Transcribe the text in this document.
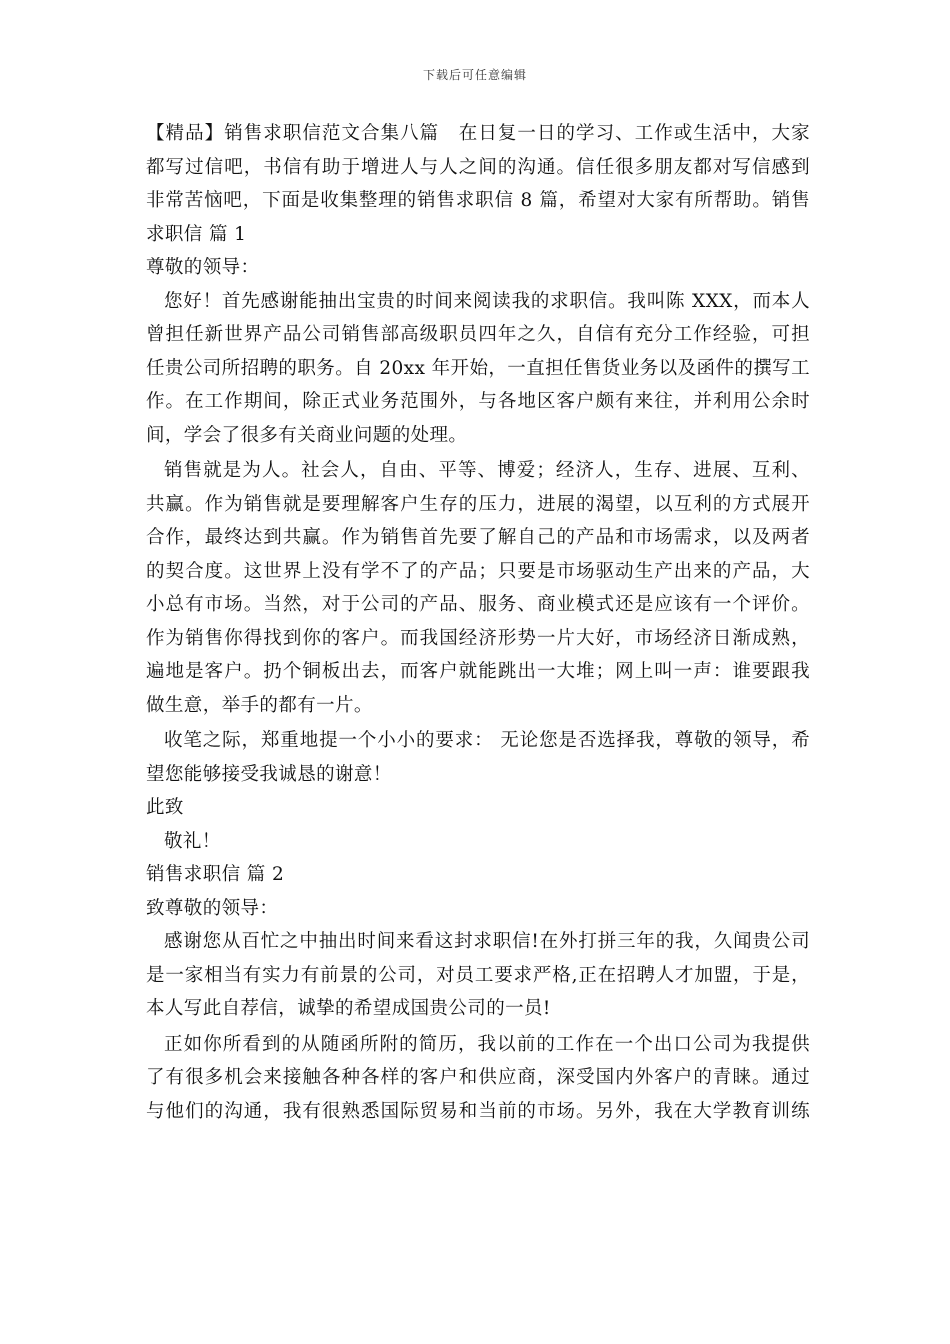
下载后可任意编辑
【精品】销售求职信范文合集八篇　在日复一日的学习、工作或生活中，大家
都写过信吧，书信有助于增进人与人之间的沟通。信任很多朋友都对写信感到
非常苦恼吧，下面是收集整理的销售求职信 8 篇，希望对大家有所帮助。销售
求职信 篇 1
尊敬的领导：
您好！首先感谢能抽出宝贵的时间来阅读我的求职信。我叫陈 XXX，而本人
曾担任新世界产品公司销售部高级职员四年之久，自信有充分工作经验，可担
任贵公司所招聘的职务。自 20xx 年开始，一直担任售货业务以及函件的撰写工
作。在工作期间，除正式业务范围外，与各地区客户颇有来往，并利用公余时
间，学会了很多有关商业问题的处理。
销售就是为人。社会人，自由、平等、博爱；经济人，生存、进展、互利、
共赢。作为销售就是要理解客户生存的压力，进展的渴望，以互利的方式展开
合作，最终达到共赢。作为销售首先要了解自己的产品和市场需求，以及两者
的契合度。这世界上没有学不了的产品；只要是市场驱动生产出来的产品，大
小总有市场。当然，对于公司的产品、服务、商业模式还是应该有一个评价。
作为销售你得找到你的客户。而我国经济形势一片大好，市场经济日渐成熟，
遍地是客户。扔个铜板出去，而客户就能跳出一大堆；网上叫一声：谁要跟我
做生意，举手的都有一片。
收笔之际，郑重地提一个小小的要求： 无论您是否选择我，尊敬的领导，希
望您能够接受我诚恳的谢意！
此致
敬礼！
销售求职信 篇 2
致尊敬的领导：
感谢您从百忙之中抽出时间来看这封求职信!在外打拼三年的我，久闻贵公司
是一家相当有实力有前景的公司，对员工要求严格,正在招聘人才加盟，于是，
本人写此自荐信，诚挚的希望成国贵公司的一员!
正如你所看到的从随函所附的简历，我以前的工作在一个出口公司为我提供
了有很多机会来接触各种各样的客户和供应商，深受国内外客户的青睐。通过
与他们的沟通，我有很熟悉国际贸易和当前的市场。另外，我在大学教育训练
